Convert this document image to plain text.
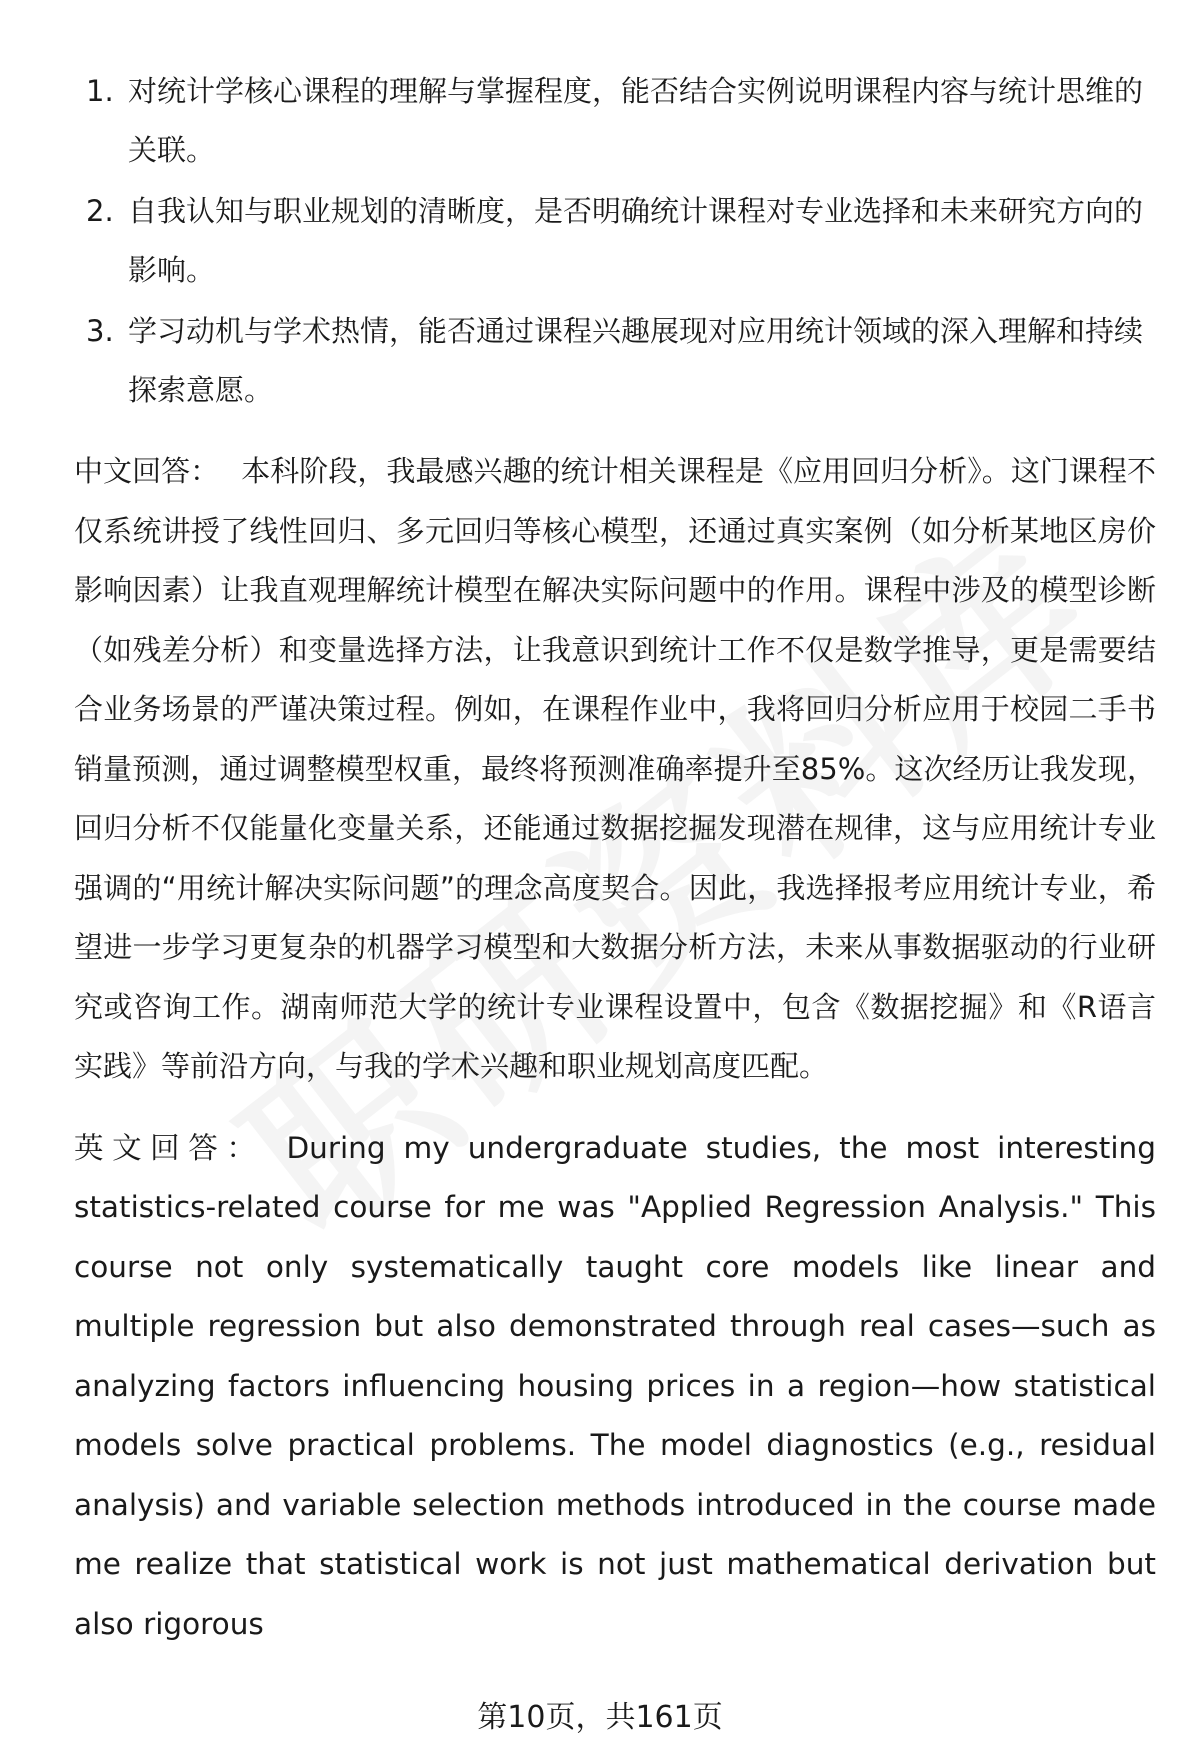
1. 对统计学核心课程的理解与掌握程度，能否结合实例说明课程内容与统计思维的关联。
2. 自我认知与职业规划的清晰度，是否明确统计课程对专业选择和未来研究方向的影响。
3. 学习动机与学术热情，能否通过课程兴趣展现对应用统计领域的深入理解和持续探索意愿。

中文回答： 本科阶段，我最感兴趣的统计相关课程是《应用回归分析》。这门课程不仅系统讲授了线性回归、多元回归等核心模型，还通过真实案例（如分析某地区房价影响因素）让我直观理解统计模型在解决实际问题中的作用。课程中涉及的模型诊断（如残差分析）和变量选择方法，让我意识到统计工作不仅是数学推导，更是需要结合业务场景的严谨决策过程。例如，在课程作业中，我将回归分析应用于校园二手书销量预测，通过调整模型权重，最终将预测准确率提升至85%。这次经历让我发现，回归分析不仅能量化变量关系，还能通过数据挖掘发现潜在规律，这与应用统计专业强调的“用统计解决实际问题”的理念高度契合。因此，我选择报考应用统计专业，希望进一步学习更复杂的机器学习模型和大数据分析方法，未来从事数据驱动的行业研究或咨询工作。湖南师范大学的统计专业课程设置中，包含《数据挖掘》和《R语言实践》等前沿方向，与我的学术兴趣和职业规划高度匹配。

英文回答： During my undergraduate studies, the most interesting statistics-related course for me was "Applied Regression Analysis." This course not only systematically taught core models like linear and multiple regression but also demonstrated through real cases—such as analyzing factors influencing housing prices in a region—how statistical models solve practical problems. The model diagnostics (e.g., residual analysis) and variable selection methods introduced in the course made me realize that statistical work is not just mathematical derivation but also rigorous

第10页，共161页
